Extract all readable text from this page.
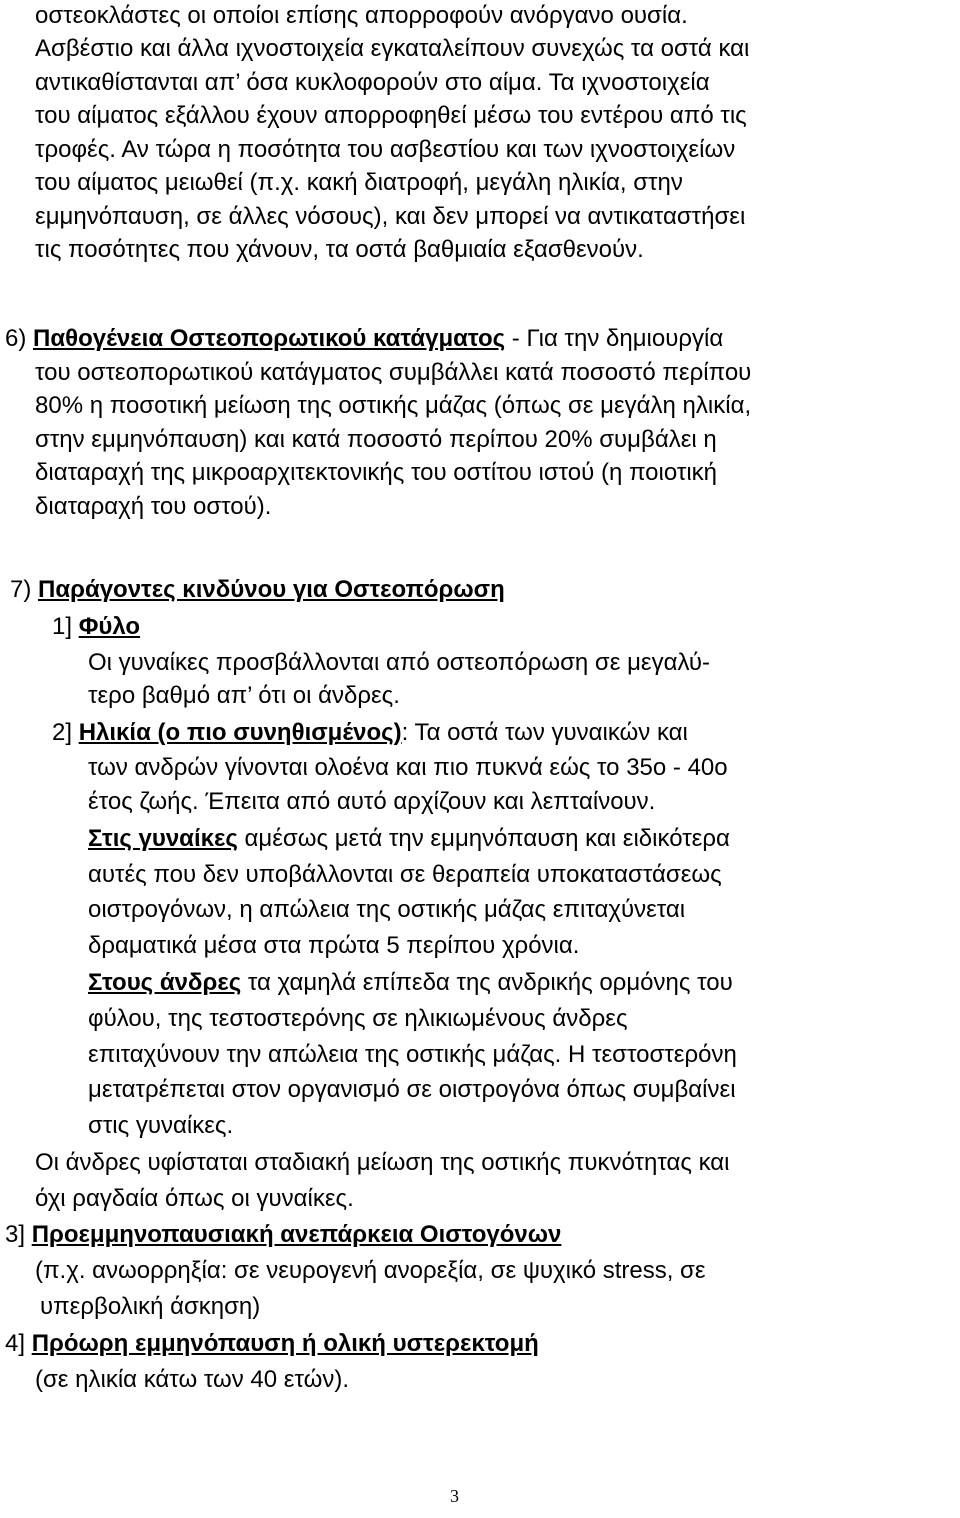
οστεοκλάστες οι οποίοι επίσης απορροφούν ανόργανο ουσία.
Ασβέστιο και άλλα ιχνοστοιχεία εγκαταλείπουν συνεχώς τα οστά και
αντικαθίστανται απ’ όσα κυκλοφορούν στο αίμα. Τα ιχνοστοιχεία
του αίματος εξάλλου έχουν απορροφηθεί μέσω του εντέρου από τις
τροφές. Αν τώρα η ποσότητα του ασβεστίου και των ιχνοστοιχείων
του αίματος μειωθεί (π.χ. κακή διατροφή, μεγάλη ηλικία, στην
εμμηνόπαυση, σε άλλες νόσους), και δεν μπορεί να αντικαταστήσει
τις ποσότητες που χάνουν, τα οστά βαθμιαία εξασθενούν.
6) Παθογένεια Οστεοπορωτικού κατάγματος - Για την δημιουργία
του οστεοπορωτικού κατάγματος συμβάλλει κατά ποσοστό περίπου
80% η ποσοτική μείωση της οστικής μάζας (όπως σε μεγάλη ηλικία,
στην εμμηνόπαυση) και κατά ποσοστό περίπου 20% συμβάλει η
διαταραχή της μικροαρχιτεκτονικής του οστίτου ιστού (η ποιοτική
διαταραχή του οστού).
7) Παράγοντες κινδύνου για Οστεοπόρωση
1] Φύλο
Οι γυναίκες προσβάλλονται από οστεοπόρωση σε μεγαλύ-
τερο βαθμό απ’ ότι οι άνδρες.
2] Ηλικία (ο πιο συνηθισμένος): Τα οστά των γυναικών και
των ανδρών γίνονται ολοένα και πιο πυκνά εώς το 35ο - 40ο
έτος ζωής. Έπειτα από αυτό αρχίζουν και λεπταίνουν.
Στις γυναίκες αμέσως μετά την εμμηνόπαυση και ειδικότερα
αυτές που δεν υποβάλλονται σε θεραπεία υποκαταστάσεως
οιστρογόνων, η απώλεια της οστικής μάζας επιταχύνεται
δραματικά μέσα στα πρώτα 5 περίπου χρόνια.
Στους άνδρες τα χαμηλά επίπεδα της ανδρικής ορμόνης του
φύλου, της τεστοστερόνης σε ηλικιωμένους άνδρες
επιταχύνουν την απώλεια της οστικής μάζας. Η τεστοστερόνη
μετατρέπεται στον οργανισμό σε οιστρογόνα όπως συμβαίνει
στις γυναίκες.
Οι άνδρες υφίσταται σταδιακή μείωση της οστικής πυκνότητας και
όχι ραγδαία όπως οι γυναίκες.
3] Προεμμηνοπαυσιακή ανεπάρκεια Οιστογόνων
(π.χ. ανωορρηξία: σε νευρογενή ανορεξία, σε ψυχικό stress, σε
υπερβολική άσκηση)
4] Πρόωρη εμμηνόπαυση ή ολική υστερεκτομή
(σε ηλικία κάτω των 40 ετών).
3
